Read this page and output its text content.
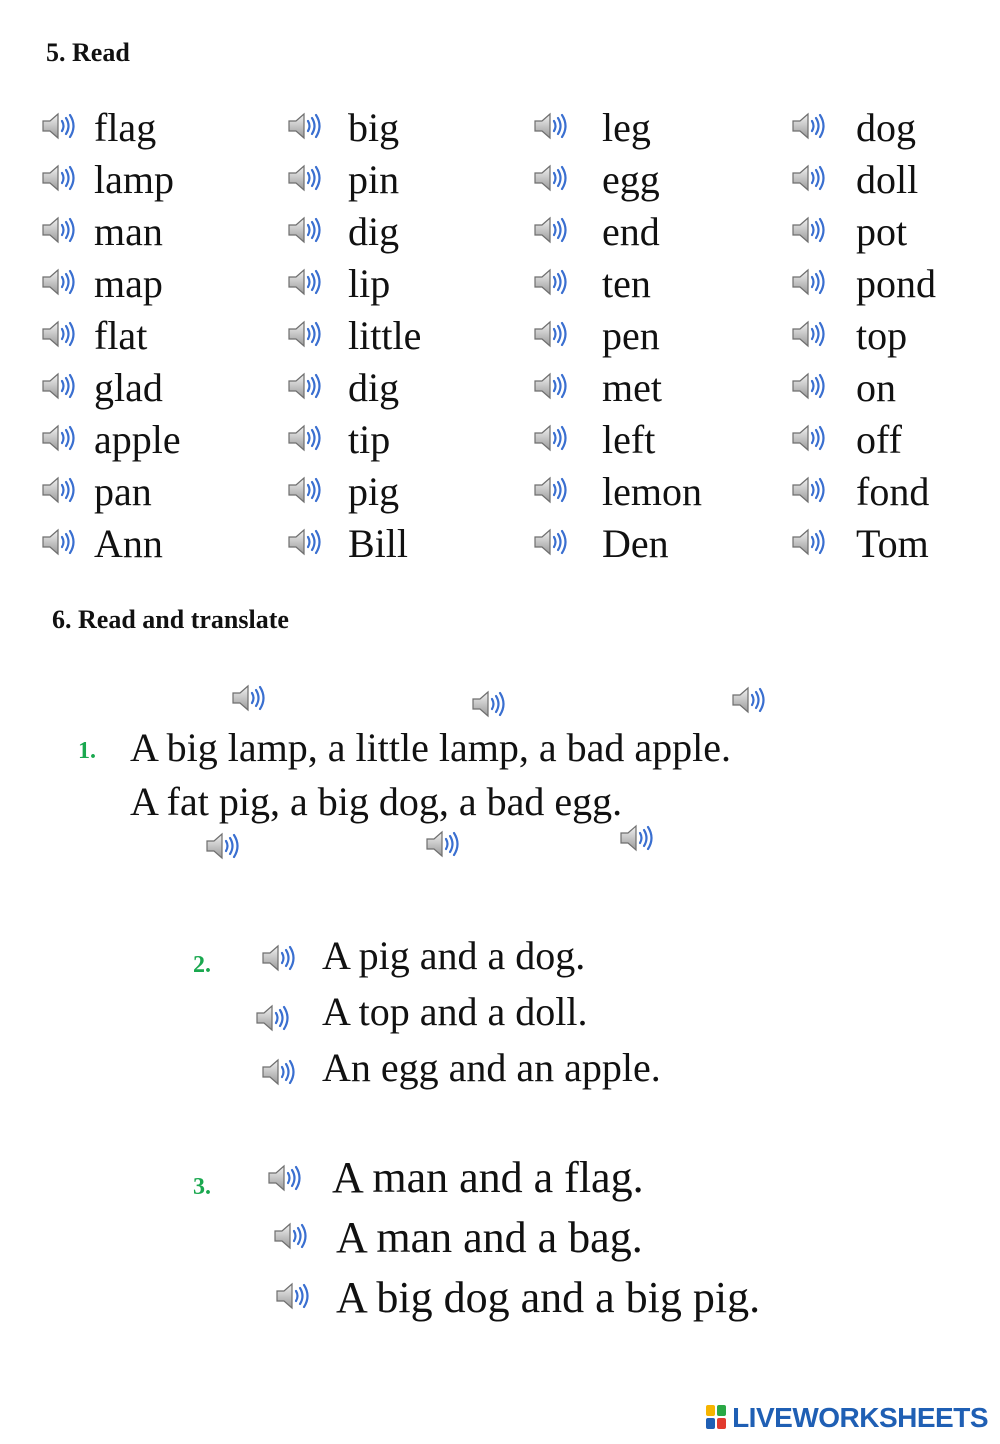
5. Read
flag
lamp
man
map
flat
glad
apple
pan
Ann
big
pin
dig
lip
little
dig
tip
pig
Bill
leg
egg
end
ten
pen
met
left
lemon
Den
dog
doll
pot
pond
top
on
off
fond
Tom
6. Read and translate
1. A big lamp, a little lamp, a bad apple.
A fat pig, a big dog, a bad egg.
2.	A pig and a dog.
A top and a doll.
An egg and an apple.
3.	A man and a flag.
A man and a bag.
A big dog and a big pig.
LIVEWORKSHEETS
